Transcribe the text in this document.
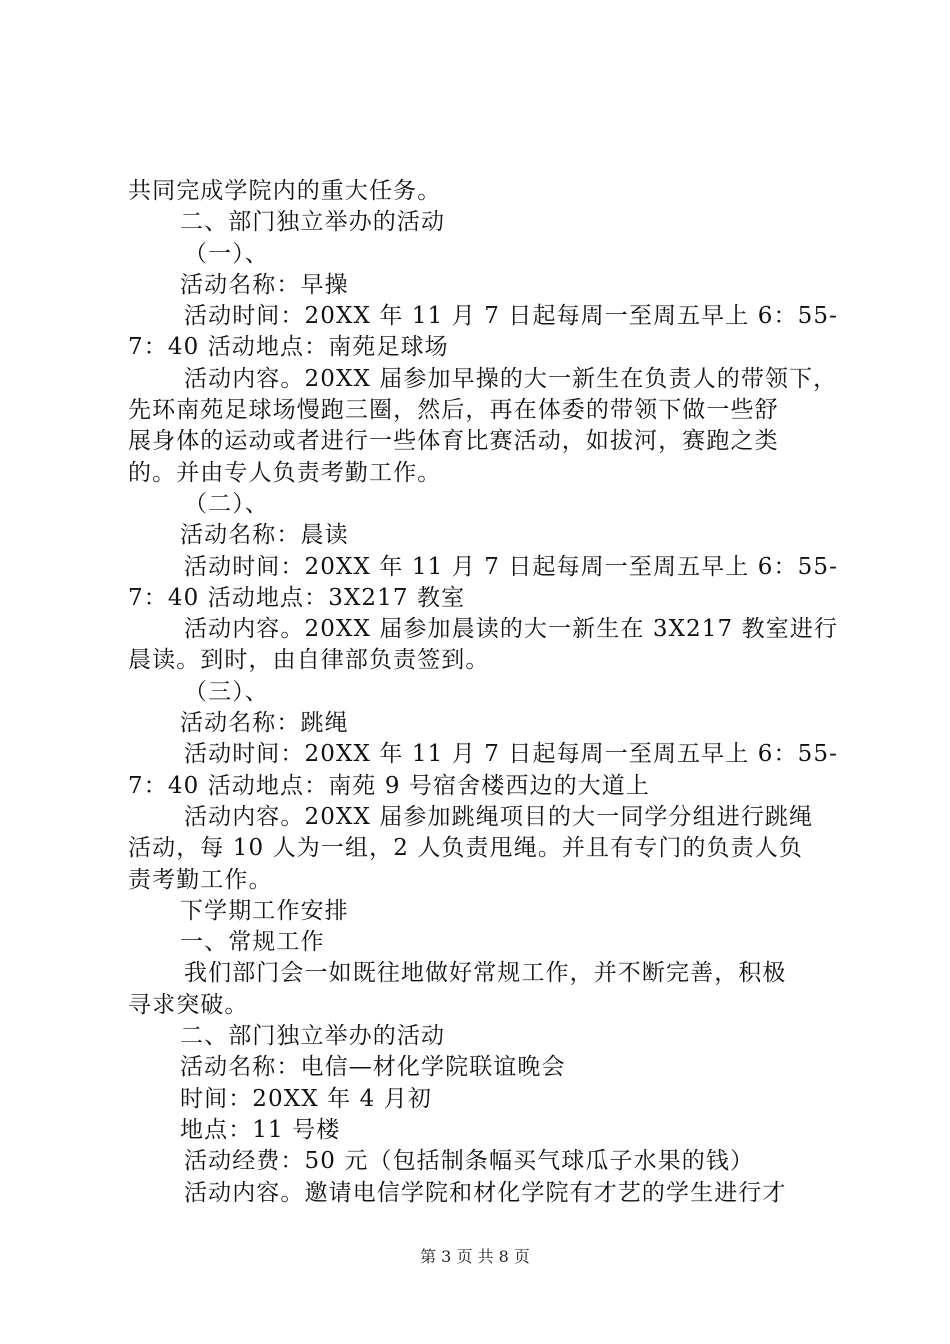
共同完成学院内的重大任务。
二、部门独立举办的活动
（一）、
活动名称：早操
活动时间：20XX 年 11 月 7 日起每周一至周五早上 6：55-
7：40 活动地点：南苑足球场
活动内容。20XX 届参加早操的大一新生在负责人的带领下，
先环南苑足球场慢跑三圈，然后，再在体委的带领下做一些舒
展身体的运动或者进行一些体育比赛活动，如拔河，赛跑之类
的。并由专人负责考勤工作。
（二）、
活动名称：晨读
活动时间：20XX 年 11 月 7 日起每周一至周五早上 6：55-
7：40 活动地点：3X217 教室
活动内容。20XX 届参加晨读的大一新生在 3X217 教室进行
晨读。到时，由自律部负责签到。
（三）、
活动名称：跳绳
活动时间：20XX 年 11 月 7 日起每周一至周五早上 6：55-
7：40 活动地点：南苑 9 号宿舍楼西边的大道上
活动内容。20XX 届参加跳绳项目的大一同学分组进行跳绳
活动，每 10 人为一组，2 人负责甩绳。并且有专门的负责人负
责考勤工作。
下学期工作安排
一、常规工作
我们部门会一如既往地做好常规工作，并不断完善，积极
寻求突破。
二、部门独立举办的活动
活动名称：电信—材化学院联谊晚会
时间：20XX 年 4 月初
地点：11 号楼
活动经费：50 元（包括制条幅买气球瓜子水果的钱）
活动内容。邀请电信学院和材化学院有才艺的学生进行才
第 3 页 共 8 页
